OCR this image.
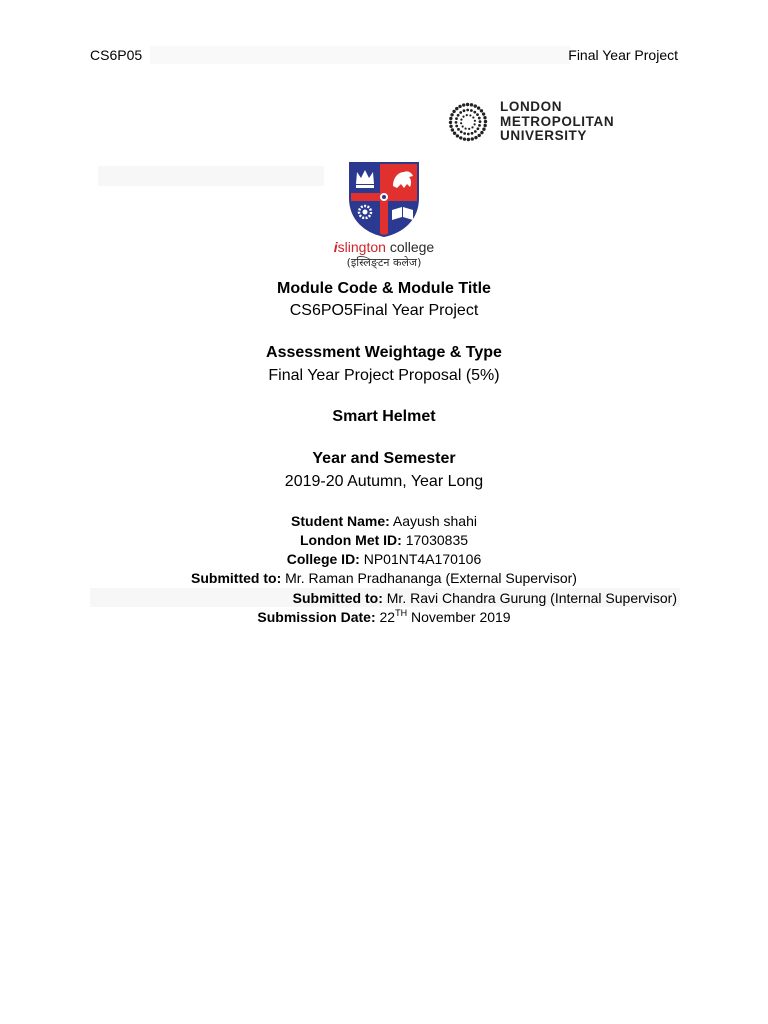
CS6P05	Final Year Project
LONDON
METROPOLITAN
UNIVERSITY
islington college
(इस्लिङ्टन कलेज)
Module Code & Module Title
CS6PO5Final Year Project
Assessment Weightage & Type
Final Year Project Proposal (5%)
Smart Helmet
Year and Semester
2019-20 Autumn, Year Long
Student Name: Aayush shahi
London Met ID: 17030835
College ID: NP01NT4A170106
Submitted to: Mr. Raman Pradhananga (External Supervisor)
Submitted to: Mr. Ravi Chandra Gurung (Internal Supervisor)
Submission Date: 22TH November 2019
